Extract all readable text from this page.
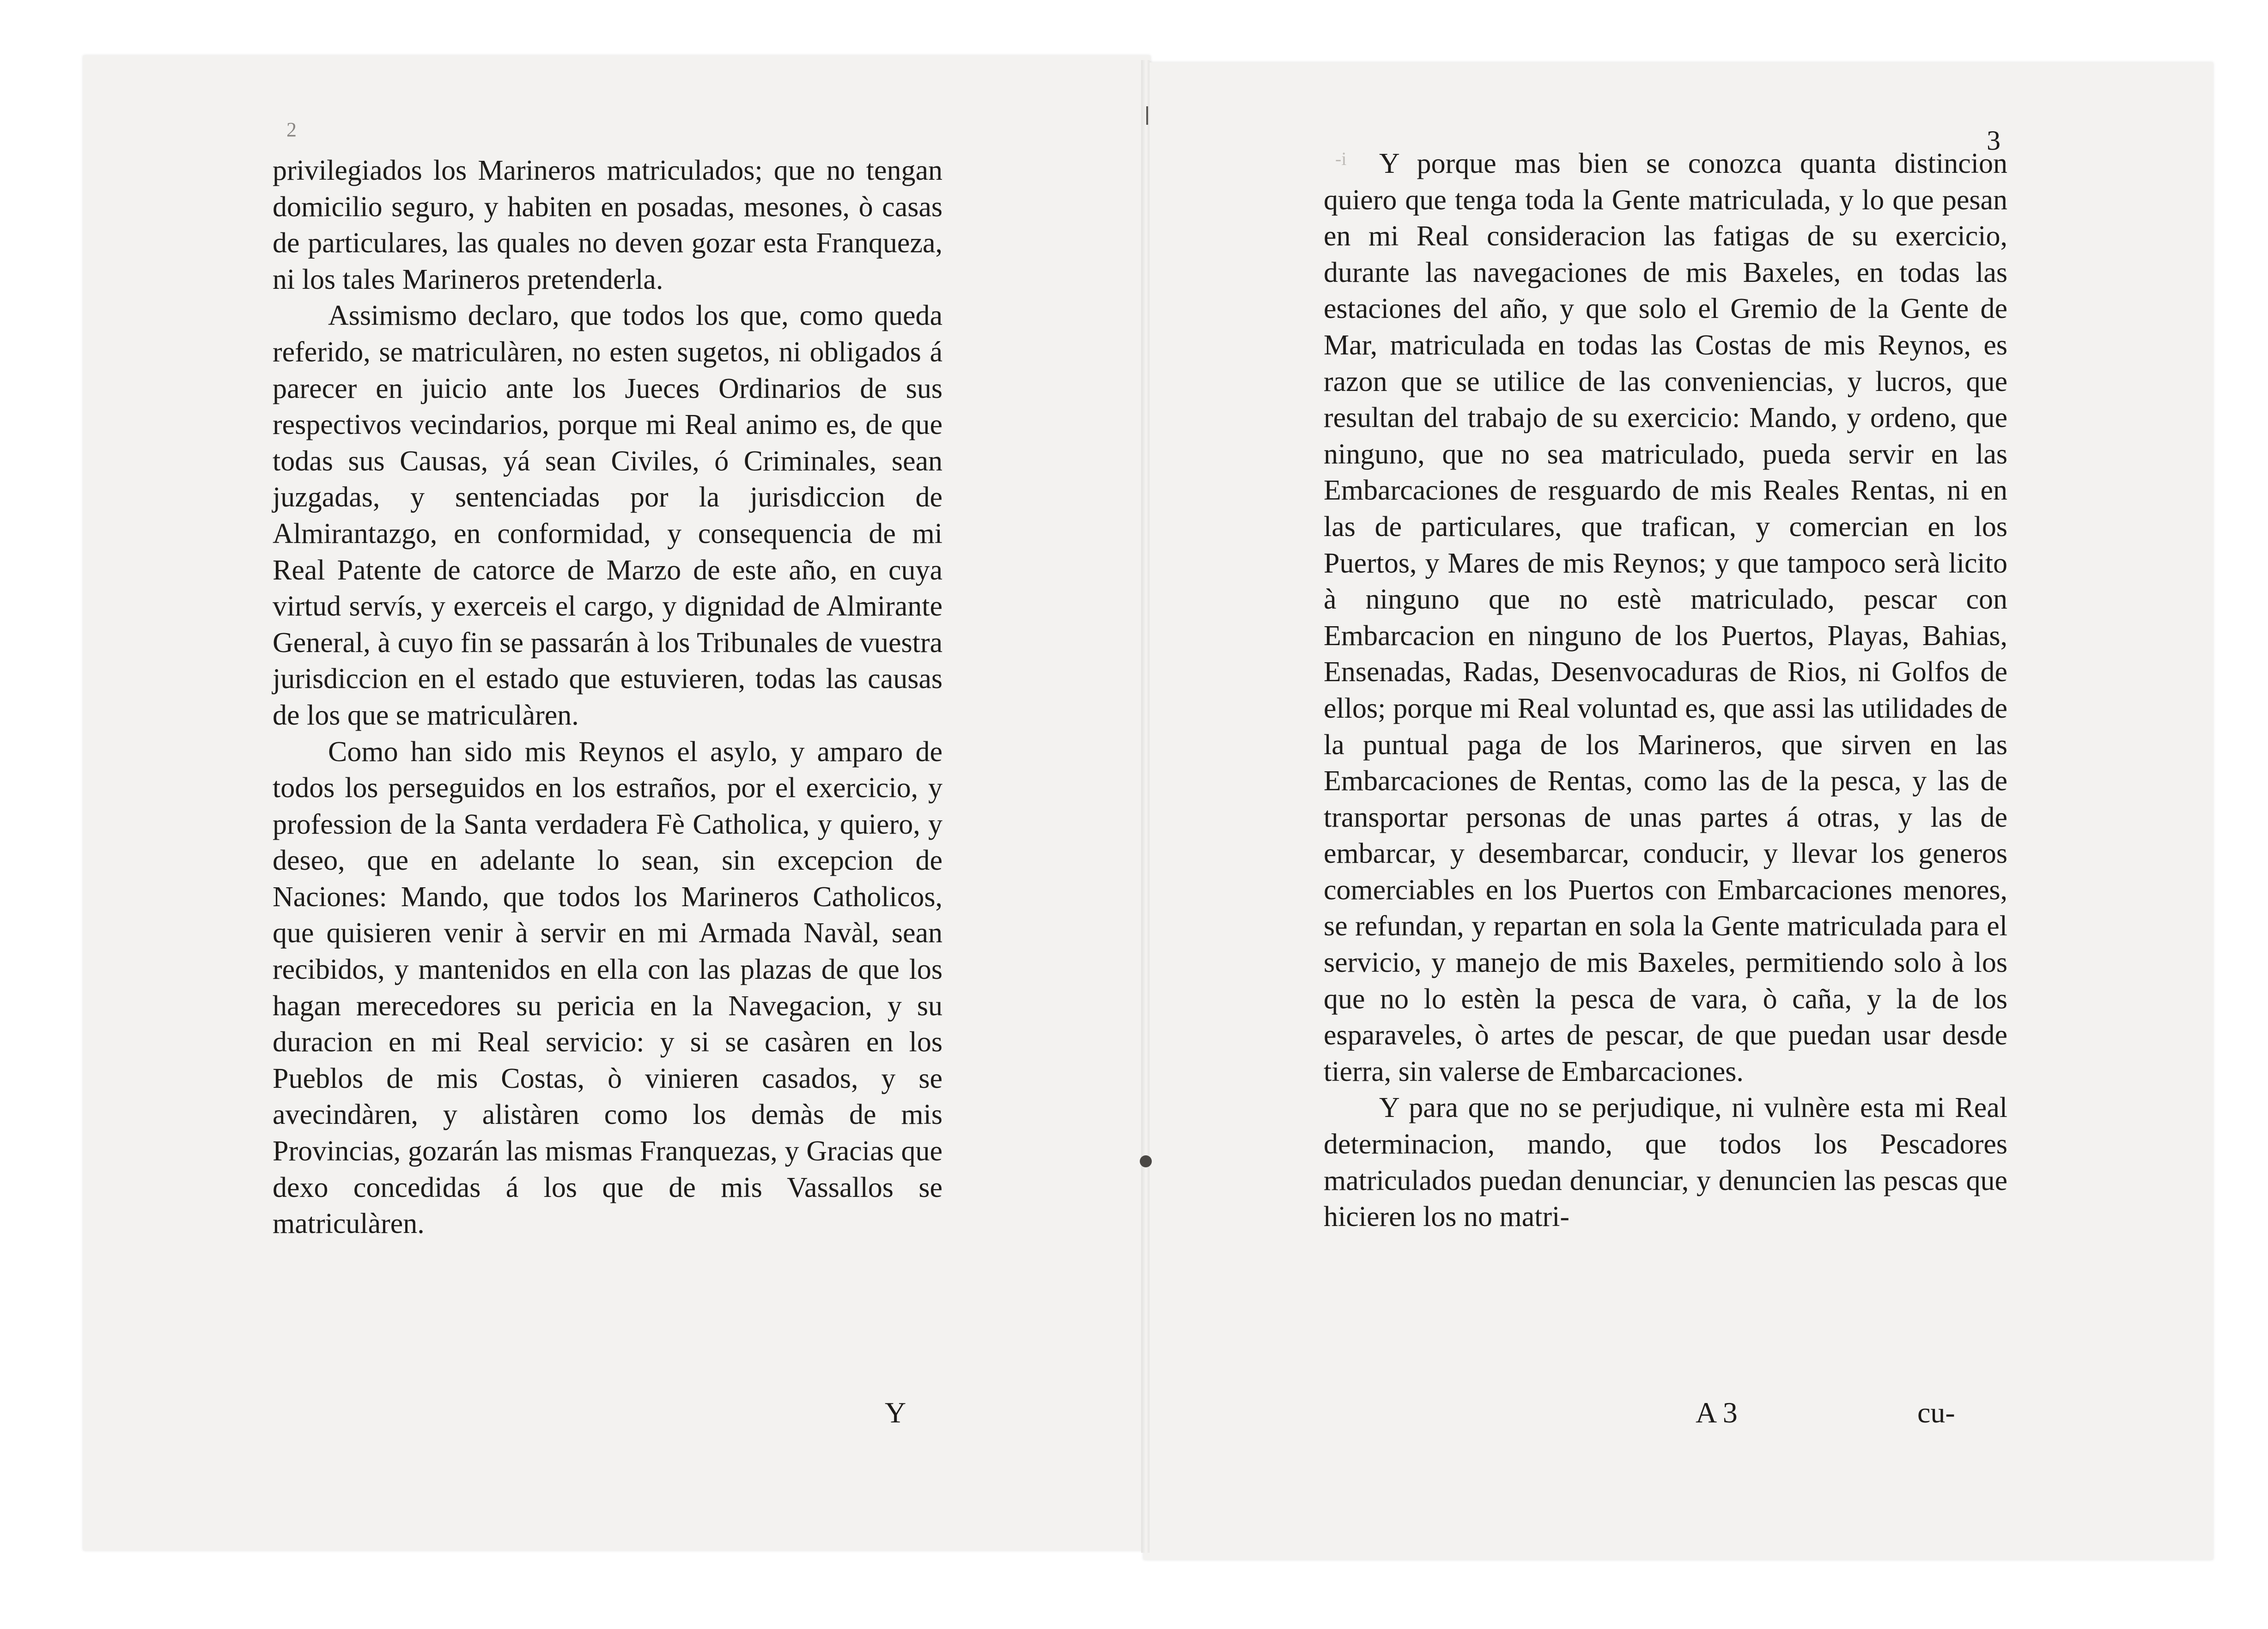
2	3
-i

privilegiados los Marineros matriculados; que no tengan domicilio seguro, y habiten en posadas, mesones, ò casas de particulares, las quales no deven gozar esta Franqueza, ni los tales Marineros pretenderla.

Assimismo declaro, que todos los que, como queda referido, se matriculàren, no esten sugetos, ni obligados á parecer en juicio ante los Jueces Ordinarios de sus respectivos vecindarios, porque mi Real animo es, de que todas sus Causas, yá sean Civiles, ó Criminales, sean juzgadas, y sentenciadas por la jurisdiccion de Almirantazgo, en conformidad, y consequencia de mi Real Patente de catorce de Marzo de este año, en cuya virtud servís, y exerceis el cargo, y dignidad de Almirante General, à cuyo fin se passarán à los Tribunales de vuestra jurisdiccion en el estado que estuvieren, todas las causas de los que se matriculàren.

Como han sido mis Reynos el asylo, y amparo de todos los perseguidos en los estraños, por el exercicio, y profession de la Santa verdadera Fè Catholica, y quiero, y deseo, que en adelante lo sean, sin excepcion de Naciones: Mando, que todos los Marineros Catholicos, que quisieren venir à servir en mi Armada Navàl, sean recibidos, y mantenidos en ella con las plazas de que los hagan merecedores su pericia en la Navegacion, y su duracion en mi Real servicio: y si se casàren en los Pueblos de mis Costas, ò vinieren casados, y se avecindàren, y alistàren como los demàs de mis Provincias, gozarán las mismas Franquezas, y Gracias que dexo concedidas á los que de mis Vassallos se matriculàren.

Y porque mas bien se conozca quanta distincion quiero que tenga toda la Gente matriculada, y lo que pesan en mi Real consideracion las fatigas de su exercicio, durante las navegaciones de mis Baxeles, en todas las estaciones del año, y que solo el Gremio de la Gente de Mar, matriculada en todas las Costas de mis Reynos, es razon que se utilice de las conveniencias, y lucros, que resultan del trabajo de su exercicio: Mando, y ordeno, que ninguno, que no sea matriculado, pueda servir en las Embarcaciones de resguardo de mis Reales Rentas, ni en las de particulares, que trafican, y comercian en los Puertos, y Mares de mis Reynos; y que tampoco serà licito à ninguno que no estè matriculado, pescar con Embarcacion en ninguno de los Puertos, Playas, Bahias, Ensenadas, Radas, Desenvocaduras de Rios, ni Golfos de ellos; porque mi Real voluntad es, que assi las utilidades de la puntual paga de los Marineros, que sirven en las Embarcaciones de Rentas, como las de la pesca, y las de transportar personas de unas partes á otras, y las de embarcar, y desembarcar, conducir, y llevar los generos comerciables en los Puertos con Embarcaciones menores, se refundan, y repartan en sola la Gente matriculada para el servicio, y manejo de mis Baxeles, permitiendo solo à los que no lo estèn la pesca de vara, ò caña, y la de los esparaveles, ò artes de pescar, de que puedan usar desde tierra, sin valerse de Embarcaciones.

Y para que no se perjudique, ni vulnère esta mi Real determinacion, mando, que todos los Pescadores matriculados puedan denunciar, y denuncien las pescas que hicieren los no matri-

Y	A 3	cu-
